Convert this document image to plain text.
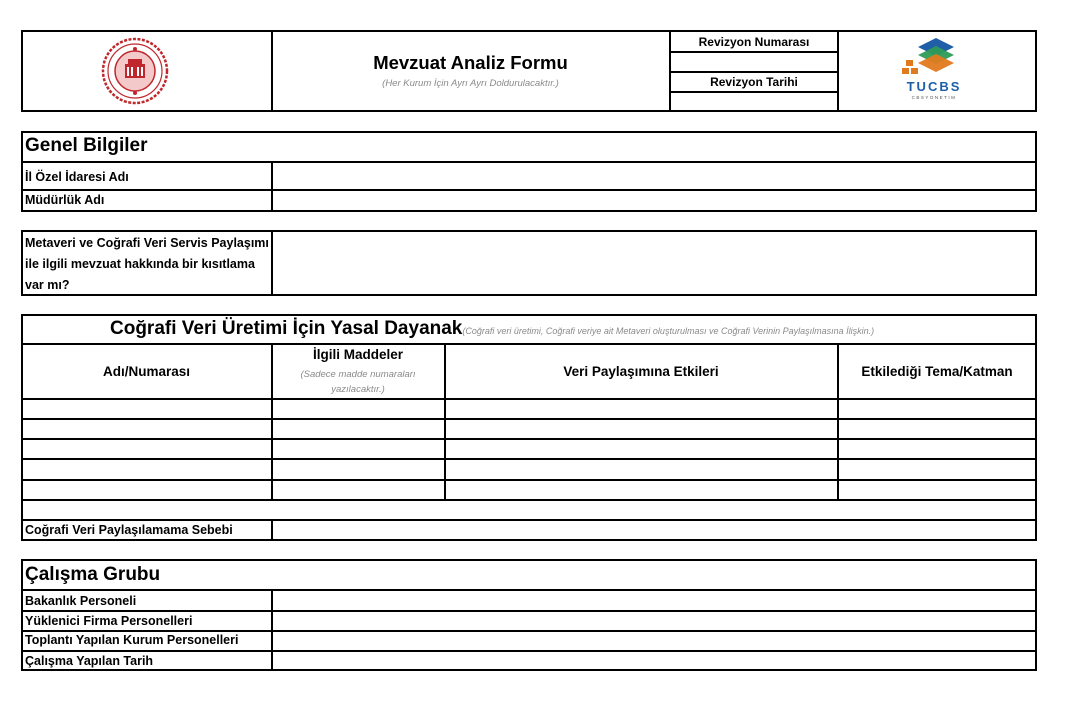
Mevzuat Analiz Formu
(Her Kurum İçin Ayrı Ayrı Doldurulacaktır.)
Revizyon Numarası
Revizyon Tarihi	TUCBS
CBSYONETIM
Genel Bilgiler
İl Özel İdaresi Adı
Müdürlük Adı
Metaveri ve Coğrafi Veri Servis Paylaşımı
ile ilgili mevzuat hakkında bir kısıtlama
var mı?
Coğrafi Veri Üretimi İçin Yasal Dayanak(Coğrafi veri üretimi, Coğrafi veriye ait Metaveri oluşturulması ve Coğrafi Verinin Paylaşılmasına İlişkin.)
Adı/Numarası
İlgili Maddeler
(Sadece madde numaraları
yazılacaktır.)
Veri Paylaşımına Etkileri	Etkilediği Tema/Katman
Coğrafi Veri Paylaşılamama Sebebi
Çalışma Grubu
Bakanlık Personeli
Yüklenici Firma Personelleri
Toplantı Yapılan Kurum Personelleri
Çalışma Yapılan Tarih
